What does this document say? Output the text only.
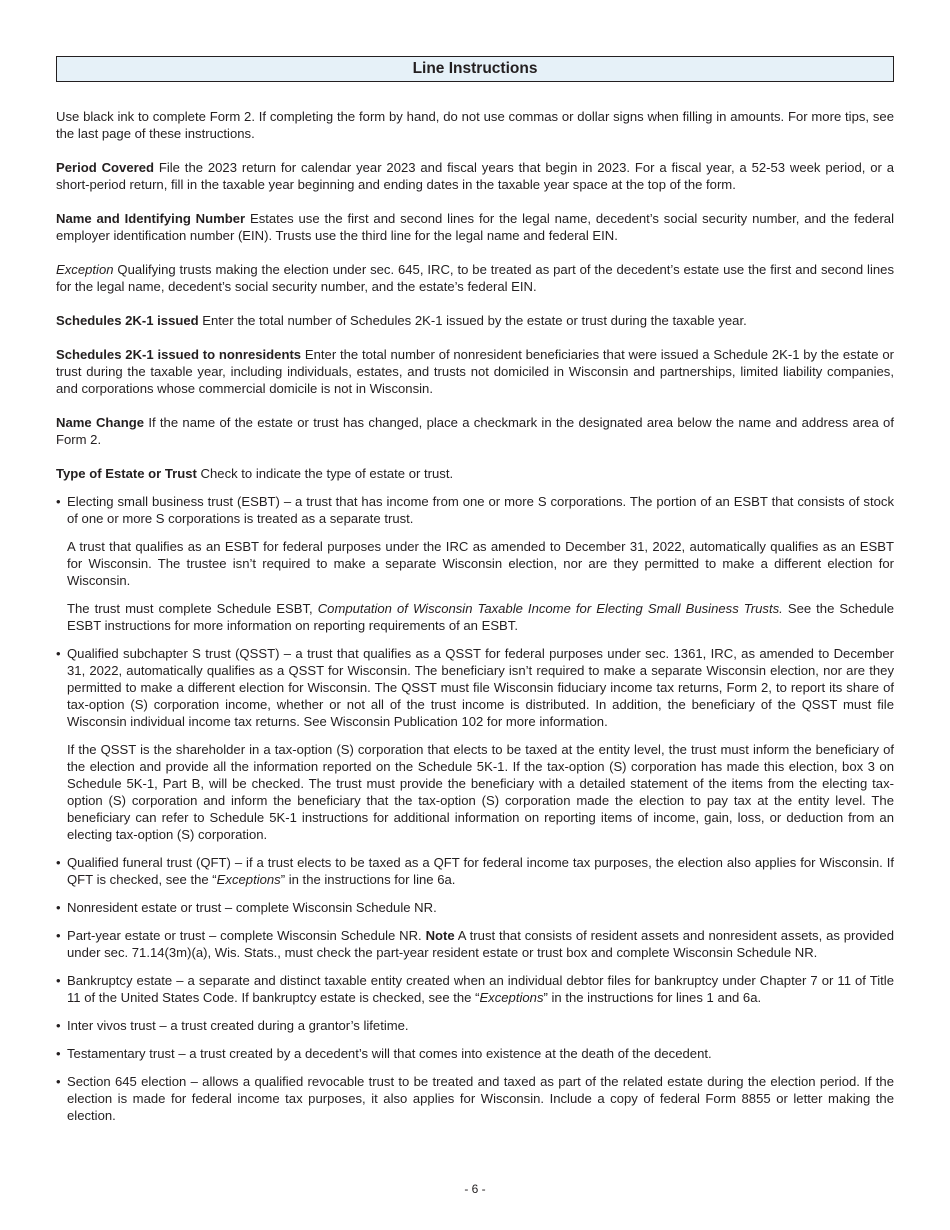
Line Instructions

Use black ink to complete Form 2. If completing the form by hand, do not use commas or dollar signs when filling in amounts. For more tips, see the last page of these instructions.

Period Covered File the 2023 return for calendar year 2023 and fiscal years that begin in 2023. For a fiscal year, a 52-53 week period, or a short-period return, fill in the taxable year beginning and ending dates in the taxable year space at the top of the form.

Name and Identifying Number Estates use the first and second lines for the legal name, decedent’s social security number, and the federal employer identification number (EIN). Trusts use the third line for the legal name and federal EIN.

Exception Qualifying trusts making the election under sec. 645, IRC, to be treated as part of the decedent’s estate use the first and second lines for the legal name, decedent’s social security number, and the estate’s federal EIN.

Schedules 2K-1 issued Enter the total number of Schedules 2K-1 issued by the estate or trust during the taxable year.

Schedules 2K-1 issued to nonresidents Enter the total number of nonresident beneficiaries that were issued a Schedule 2K-1 by the estate or trust during the taxable year, including individuals, estates, and trusts not domiciled in Wisconsin and partnerships, limited liability companies, and corporations whose commercial domicile is not in Wisconsin.

Name Change If the name of the estate or trust has changed, place a checkmark in the designated area below the name and address area of Form 2.

Type of Estate or Trust Check to indicate the type of estate or trust.

• Electing small business trust (ESBT) – a trust that has income from one or more S corporations. The portion of an ESBT that consists of stock of one or more S corporations is treated as a separate trust.

A trust that qualifies as an ESBT for federal purposes under the IRC as amended to December 31, 2022, automatically qualifies as an ESBT for Wisconsin. The trustee isn’t required to make a separate Wisconsin election, nor are they permitted to make a different election for Wisconsin.

The trust must complete Schedule ESBT, Computation of Wisconsin Taxable Income for Electing Small Business Trusts. See the Schedule ESBT instructions for more information on reporting requirements of an ESBT.

• Qualified subchapter S trust (QSST) – a trust that qualifies as a QSST for federal purposes under sec. 1361, IRC, as amended to December 31, 2022, automatically qualifies as a QSST for Wisconsin. The beneficiary isn’t required to make a separate Wisconsin election, nor are they permitted to make a different election for Wisconsin. The QSST must file Wisconsin fiduciary income tax returns, Form 2, to report its share of tax-option (S) corporation income, whether or not all of the trust income is distributed. In addition, the beneficiary of the QSST must file Wisconsin individual income tax returns. See Wisconsin Publication 102 for more information.

If the QSST is the shareholder in a tax-option (S) corporation that elects to be taxed at the entity level, the trust must inform the beneficiary of the election and provide all the information reported on the Schedule 5K-1. If the tax-option (S) corporation has made this election, box 3 on Schedule 5K-1, Part B, will be checked. The trust must provide the beneficiary with a detailed statement of the items from the electing tax-option (S) corporation and inform the beneficiary that the tax-option (S) corporation made the election to pay tax at the entity level. The beneficiary can refer to Schedule 5K-1 instructions for additional information on reporting items of income, gain, loss, or deduction from an electing tax-option (S) corporation.

• Qualified funeral trust (QFT) – if a trust elects to be taxed as a QFT for federal income tax purposes, the election also applies for Wisconsin. If QFT is checked, see the “Exceptions” in the instructions for line 6a.

• Nonresident estate or trust – complete Wisconsin Schedule NR.

• Part-year estate or trust – complete Wisconsin Schedule NR. Note A trust that consists of resident assets and nonresident assets, as provided under sec. 71.14(3m)(a), Wis. Stats., must check the part-year resident estate or trust box and complete Wisconsin Schedule NR.

• Bankruptcy estate – a separate and distinct taxable entity created when an individual debtor files for bankruptcy under Chapter 7 or 11 of Title 11 of the United States Code. If bankruptcy estate is checked, see the “Exceptions” in the instructions for lines 1 and 6a.

• Inter vivos trust – a trust created during a grantor’s lifetime.

• Testamentary trust – a trust created by a decedent’s will that comes into existence at the death of the decedent.

• Section 645 election – allows a qualified revocable trust to be treated and taxed as part of the related estate during the election period. If the election is made for federal income tax purposes, it also applies for Wisconsin. Include a copy of federal Form 8855 or letter making the election.

- 6 -
